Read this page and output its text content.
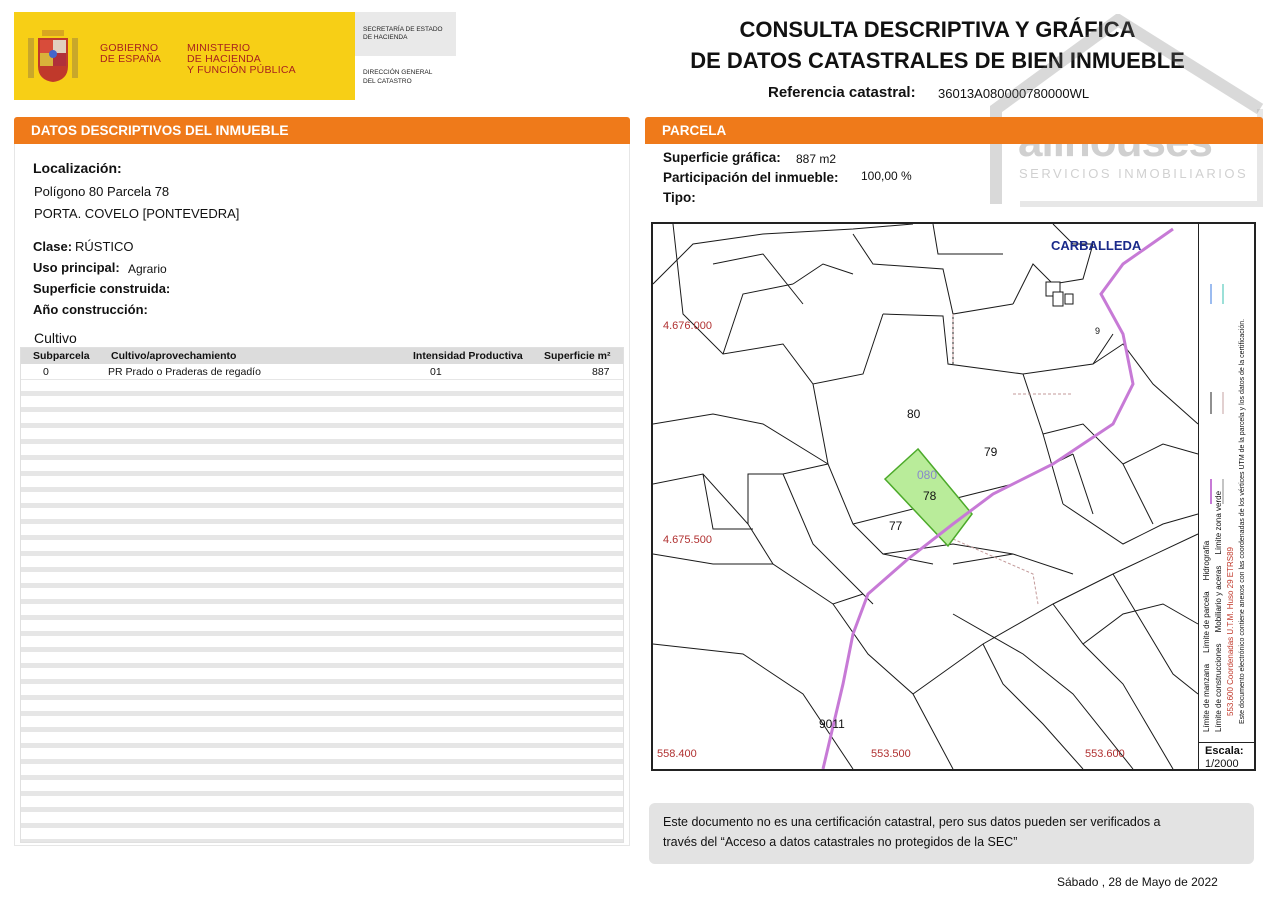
GOBIERNO
DE ESPAÑA
MINISTERIO
DE HACIENDA
Y FUNCIÓN PÚBLICA
SECRETARÍA DE ESTADO
DE HACIENDA
DIRECCIÓN GENERAL
DEL CATASTRO
CONSULTA DESCRIPTIVA Y GRÁFICA
DE DATOS CATASTRALES DE BIEN INMUEBLE
Referencia catastral: 36013A080000780000WL
SERVICIOS INMOBILIARIOS
DATOS DESCRIPTIVOS DEL INMUEBLE
Localización:
Polígono 80 Parcela 78
PORTA. COVELO [PONTEVEDRA]
Clase: RÚSTICO
Uso principal: Agrario
Superficie construida:
Año construcción:
Cultivo
Subparcela Cultivo/aprovechamiento	Intensidad Productiva Superficie m²
0	PR Prado o Praderas de regadío	01	887
PARCELA
Superficie gráfica: 887 m2
Participación del inmueble: 100,00 %
Tipo:
CARBALLEDA
4.676.000
4.675.500
558.400	553.500	553.600
80
79
080
78
77
9011
9
Límite de manzana     Límite de parcela     Hidrografía
Límite de construcciones     Mobiliario y aceras     Límite zona verde
553.600 Coordenadas U.T.M. Huso 29 ETRS89 Este documento electrónico contiene anexos con las coordenadas de los vértices UTM de la parcela y los datos de la certificación.
Escala:
1/2000
Este documento no es una certificación catastral, pero sus datos pueden ser verificados a
través del “Acceso a datos catastrales no protegidos de la SEC”
Sábado , 28 de Mayo de 2022
